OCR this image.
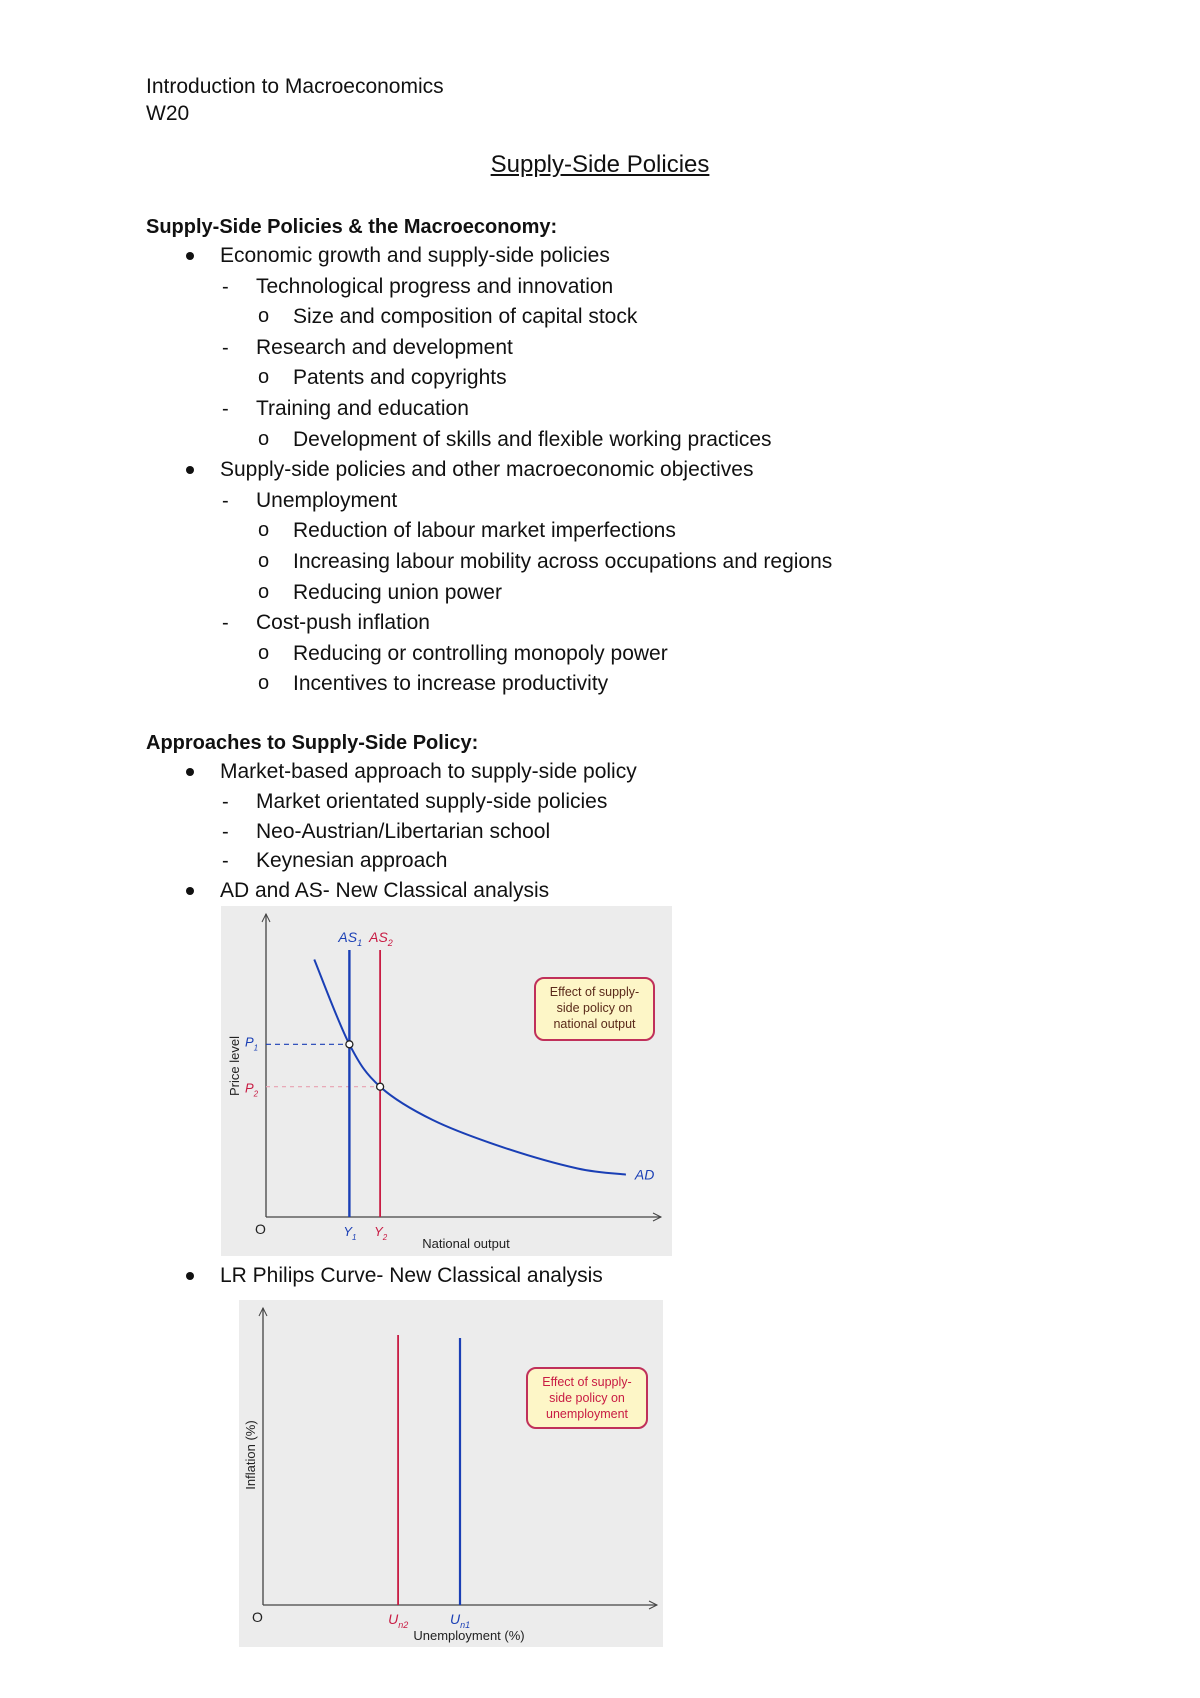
Introduction to Macroeconomics
W20
Supply-Side Policies
Supply-Side Policies & the Macroeconomy:
Economic growth and supply-side policies
- Technological progress and innovation
o Size and composition of capital stock
- Research and development
o Patents and copyrights
- Training and education
o Development of skills and flexible working practices
Supply-side policies and other macroeconomic objectives
- Unemployment
o Reduction of labour market imperfections
o Increasing labour mobility across occupations and regions
o Reducing union power
- Cost-push inflation
o Reducing or controlling monopoly power
o Incentives to increase productivity
Approaches to Supply-Side Policy:
Market-based approach to supply-side policy
- Market orientated supply-side policies
- Neo-Austrian/Libertarian school
- Keynesian approach
AD and AS- New Classical analysis
O
National output
Price level
$AS_1$ $AS_2$
AD
$P_1$
$P_2$
$Y_1$ $Y_2$
Effect of supply-
side policy on
national output
LR Philips Curve- New Classical analysis
O
Unemployment (%)
Inflation (%)
$U_{n2}$	$U_{n1}$
Effect of supply-
side policy on
unemployment
